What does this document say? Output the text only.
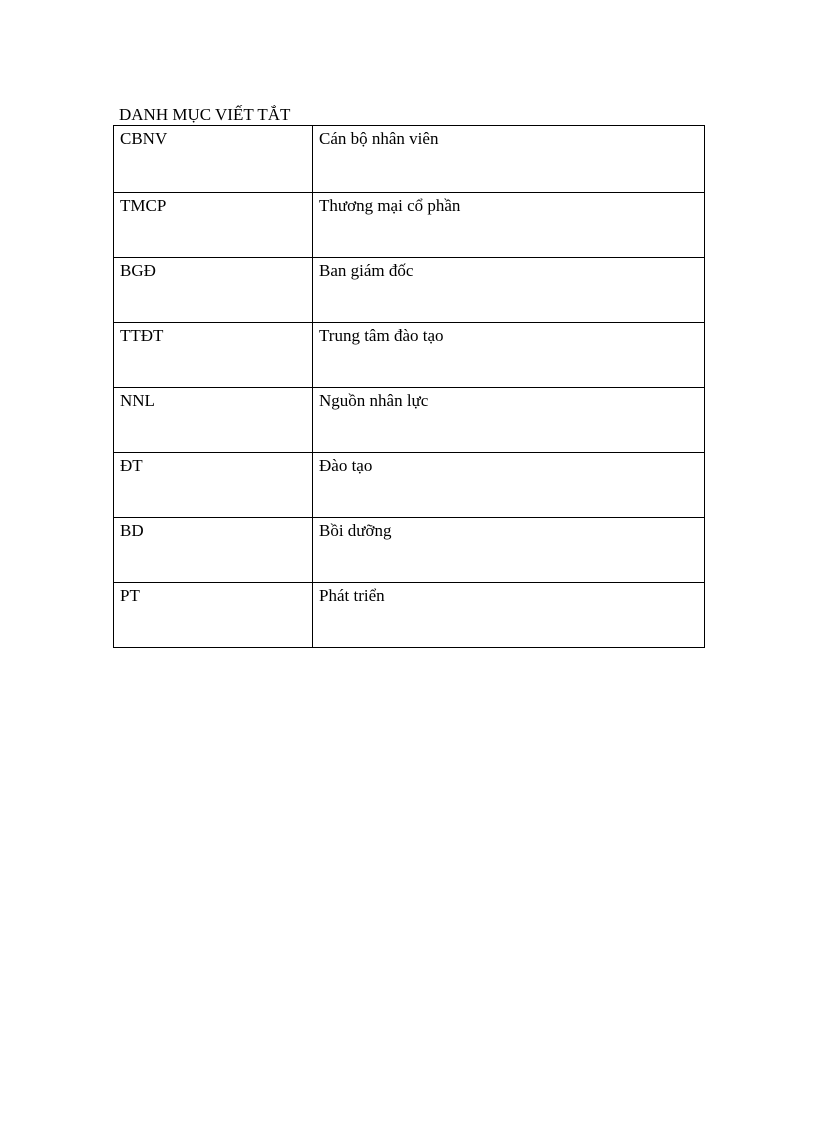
DANH MỤC VIẾT TẮT
CBNV	Cán bộ nhân viên
TMCP	Thương mại cổ phần
BGĐ	Ban giám đốc
TTĐT	Trung tâm đào tạo
NNL	Nguồn nhân lực
ĐT	Đào tạo
BD	Bồi dưỡng
PT	Phát triển
